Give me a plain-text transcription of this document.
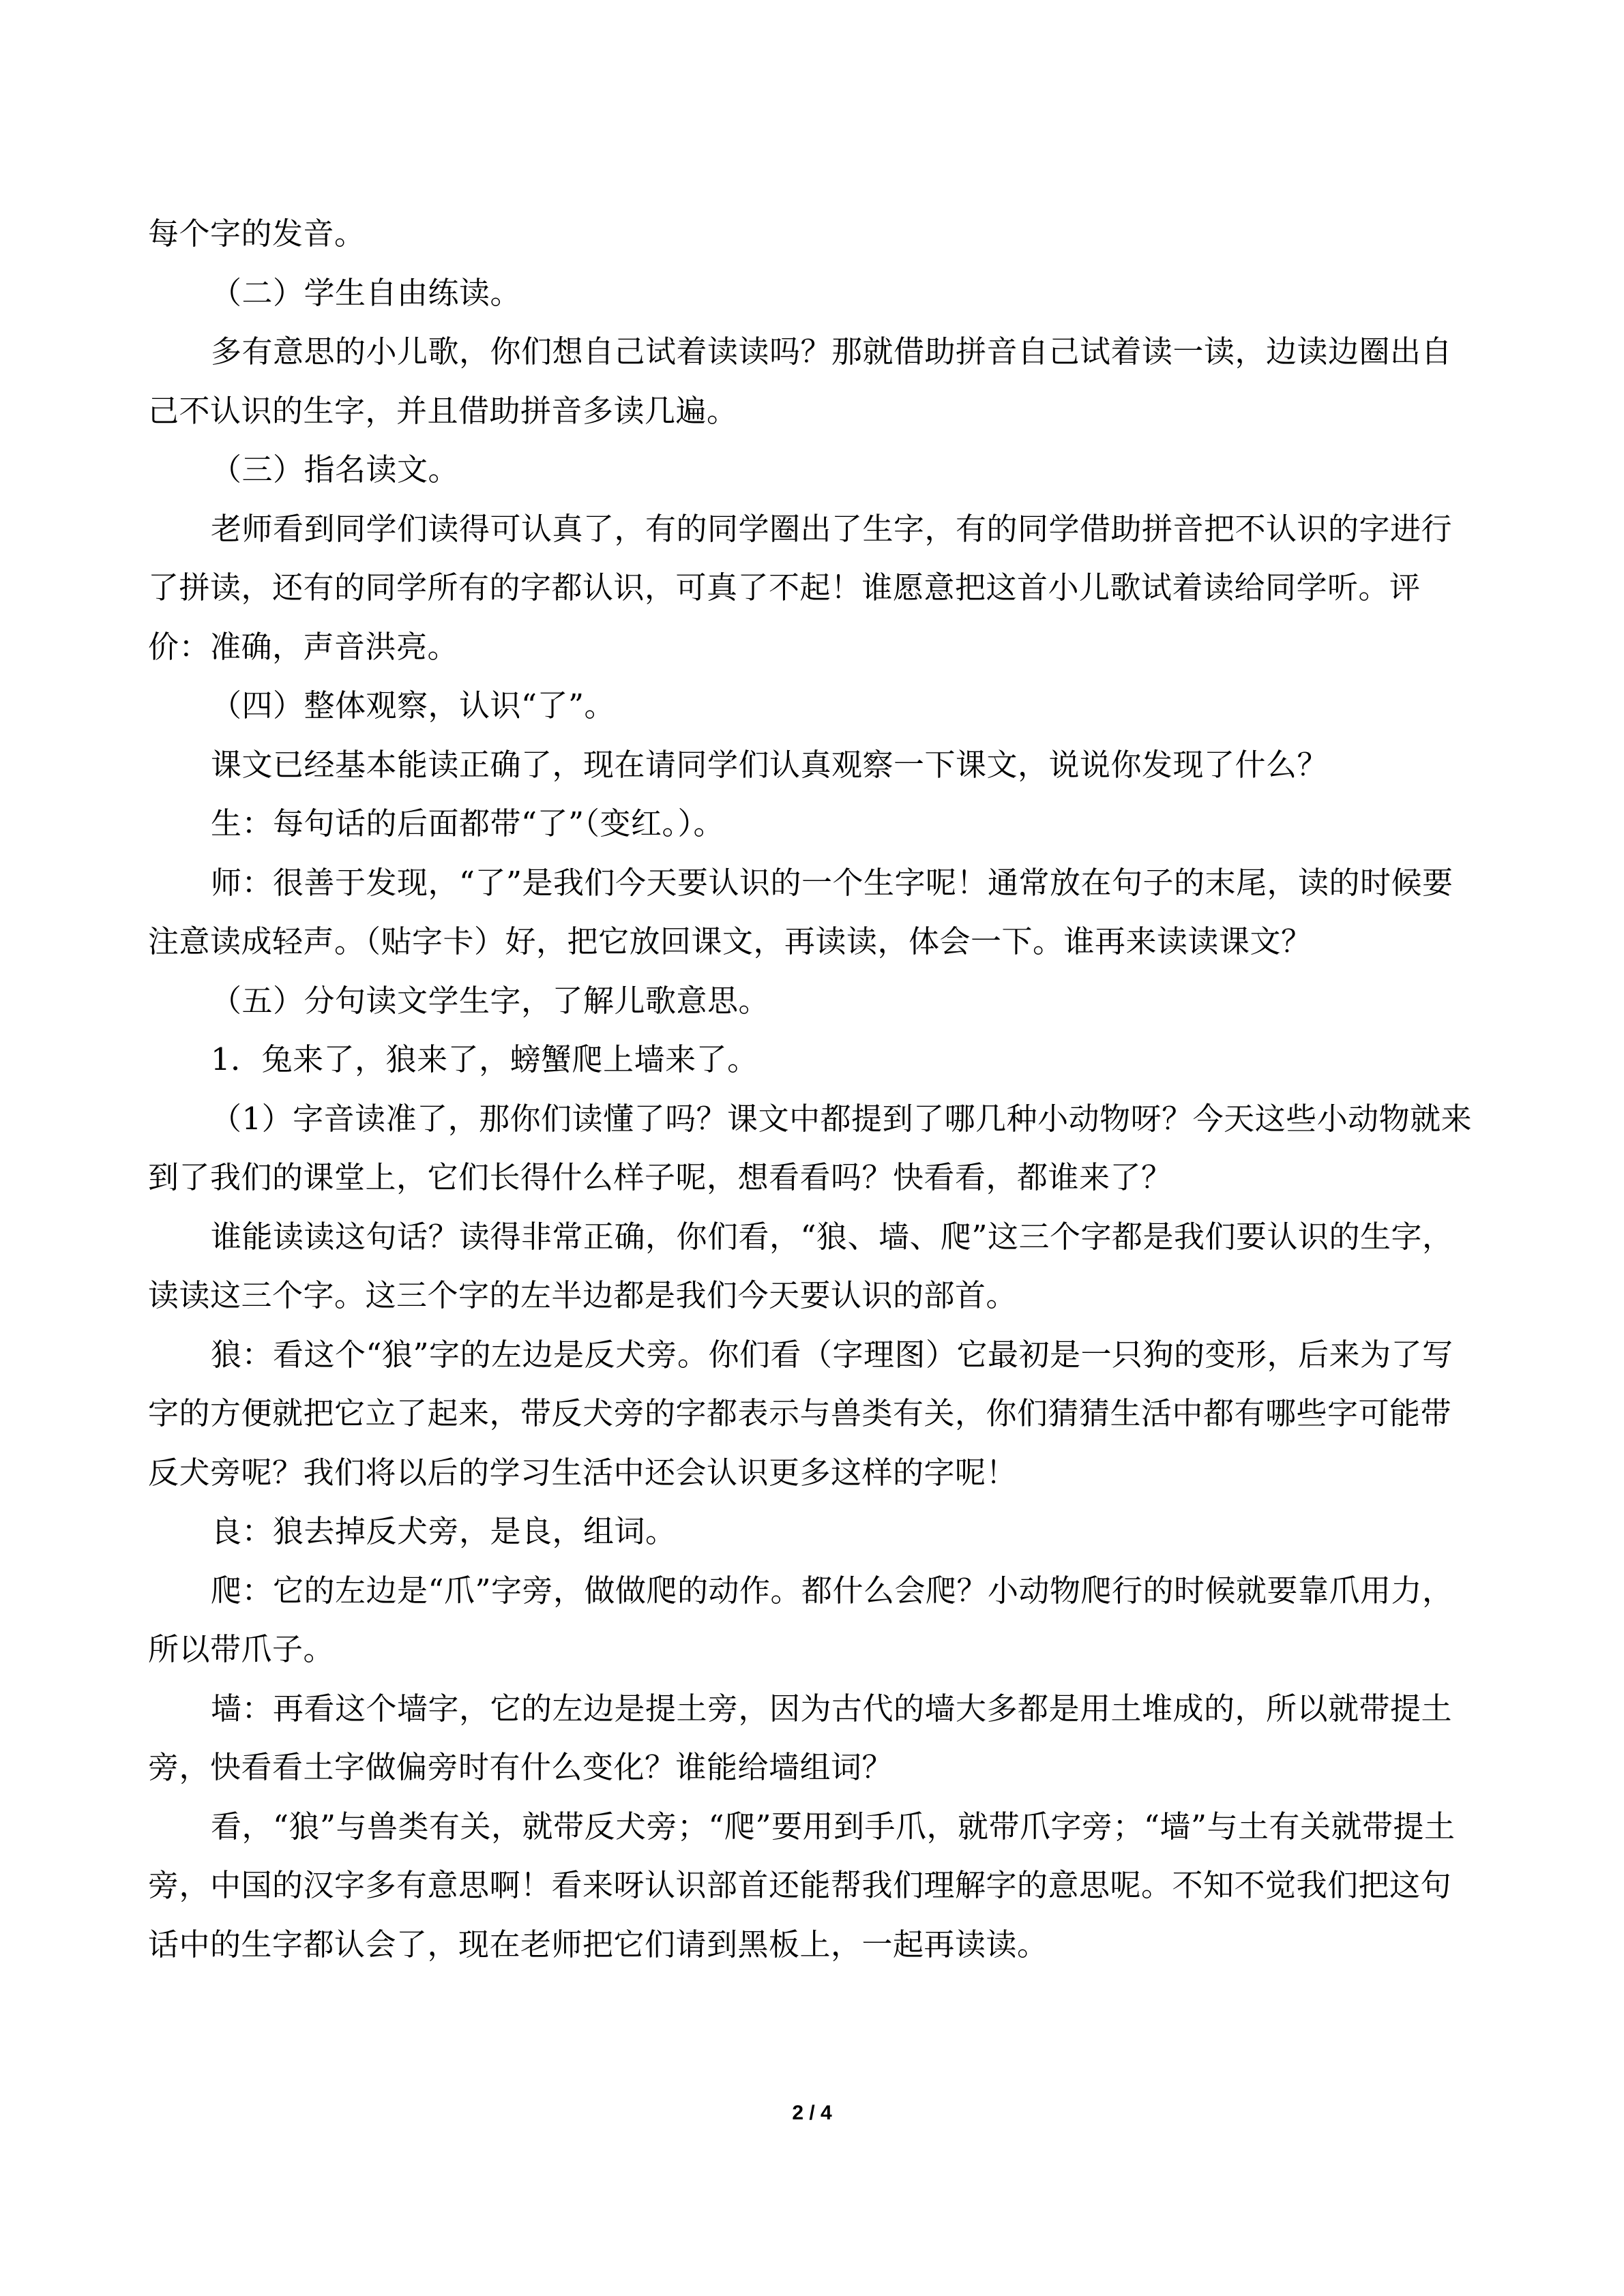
每个字的发音。

（二）学生自由练读。

多有意思的小儿歌，你们想自己试着读读吗？那就借助拼音自己试着读一读，边读边圈出自己不认识的生字，并且借助拼音多读几遍。

（三）指名读文。

老师看到同学们读得可认真了，有的同学圈出了生字，有的同学借助拼音把不认识的字进行了拼读，还有的同学所有的字都认识，可真了不起！谁愿意把这首小儿歌试着读给同学听。评价：准确，声音洪亮。

（四）整体观察，认识“了”。

课文已经基本能读正确了，现在请同学们认真观察一下课文，说说你发现了什么？

生：每句话的后面都带“了”（变红。）。

师：很善于发现，“了”是我们今天要认识的一个生字呢！通常放在句子的末尾，读的时候要注意读成轻声。（贴字卡）好，把它放回课文，再读读，体会一下。谁再来读读课文？

（五）分句读文学生字，了解儿歌意思。

1．兔来了，狼来了，螃蟹爬上墙来了。

（1）字音读准了，那你们读懂了吗？课文中都提到了哪几种小动物呀？今天这些小动物就来到了我们的课堂上，它们长得什么样子呢，想看看吗？快看看，都谁来了？

谁能读读这句话？读得非常正确，你们看，“狼、墙、爬”这三个字都是我们要认识的生字，读读这三个字。这三个字的左半边都是我们今天要认识的部首。

狼：看这个“狼”字的左边是反犬旁。你们看（字理图）它最初是一只狗的变形，后来为了写字的方便就把它立了起来，带反犬旁的字都表示与兽类有关，你们猜猜生活中都有哪些字可能带反犬旁呢？我们将以后的学习生活中还会认识更多这样的字呢！

良：狼去掉反犬旁，是良，组词。

爬：它的左边是“爪”字旁，做做爬的动作。都什么会爬？小动物爬行的时候就要靠爪用力，所以带爪子。

墙：再看这个墙字，它的左边是提土旁，因为古代的墙大多都是用土堆成的，所以就带提土旁，快看看土字做偏旁时有什么变化？谁能给墙组词？

看，“狼”与兽类有关，就带反犬旁；“爬”要用到手爪，就带爪字旁；“墙”与土有关就带提土旁，中国的汉字多有意思啊！看来呀认识部首还能帮我们理解字的意思呢。不知不觉我们把这句话中的生字都认会了，现在老师把它们请到黑板上，一起再读读。

2 / 4
